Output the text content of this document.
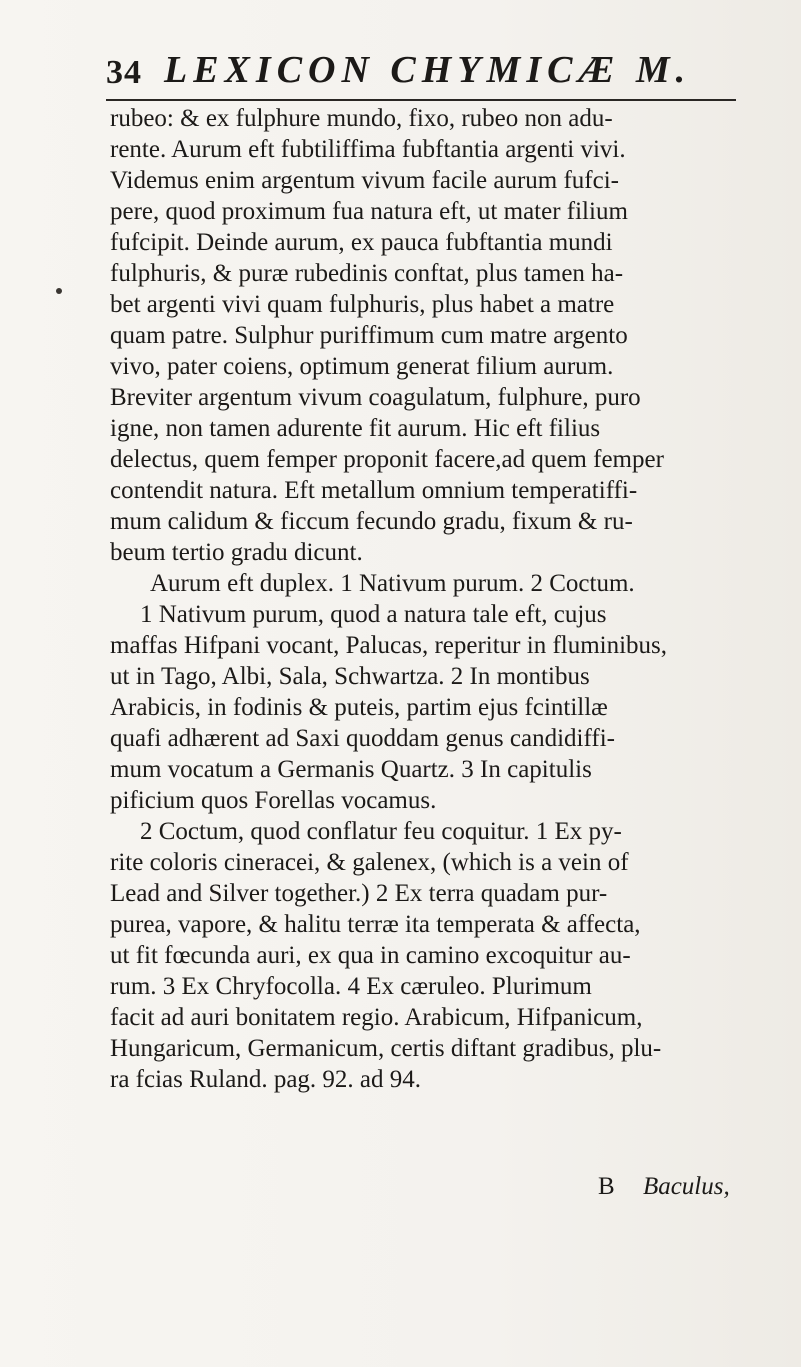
34 LEXICON CHYMICÆ M.
rubeo: & ex fulphure mundo, fixo, rubeo non adu-
rente. Aurum eft fubtiliffima fubftantia argenti vivi.
Videmus enim argentum vivum facile aurum fufci-
pere, quod proximum fua natura eft, ut mater filium
fufcipit. Deinde aurum, ex pauca fubftantia mundi
fulphuris, & puræ rubedinis conftat, plus tamen ha-
bet argenti vivi quam fulphuris, plus habet a matre
quam patre. Sulphur puriffimum cum matre argento
vivo, pater coiens, optimum generat filium aurum.
Breviter argentum vivum coagulatum, fulphure, puro
igne, non tamen adurente fit aurum. Hic eft filius
delectus, quem femper proponit facere,ad quem femper
contendit natura. Eft metallum omnium temperatiffi-
mum calidum & ficcum fecundo gradu, fixum & ru-
beum tertio gradu dicunt.
Aurum eft duplex. 1 Nativum purum. 2 Coctum.
1 Nativum purum, quod a natura tale eft, cujus
maffas Hifpani vocant, Palucas, reperitur in fluminibus,
ut in Tago, Albi, Sala, Schwartza. 2 In montibus
Arabicis, in fodinis & puteis, partim ejus fcintillæ
quafi adhærent ad Saxi quoddam genus candidiffi-
mum vocatum a Germanis Quartz. 3 In capitulis
pificium quos Forellas vocamus.
2 Coctum, quod conflatur feu coquitur. 1 Ex py-
rite coloris cineracei, & galenex, (which is a vein of
Lead and Silver together.) 2 Ex terra quadam pur-
purea, vapore, & halitu terræ ita temperata & affecta,
ut fit fœcunda auri, ex qua in camino excoquitur au-
rum. 3 Ex Chryfocolla. 4 Ex cæruleo. Plurimum
facit ad auri bonitatem regio. Arabicum, Hifpanicum,
Hungaricum, Germanicum, certis diftant gradibus, plu-
ra fcias Ruland. pag. 92. ad 94.
B Baculus,
